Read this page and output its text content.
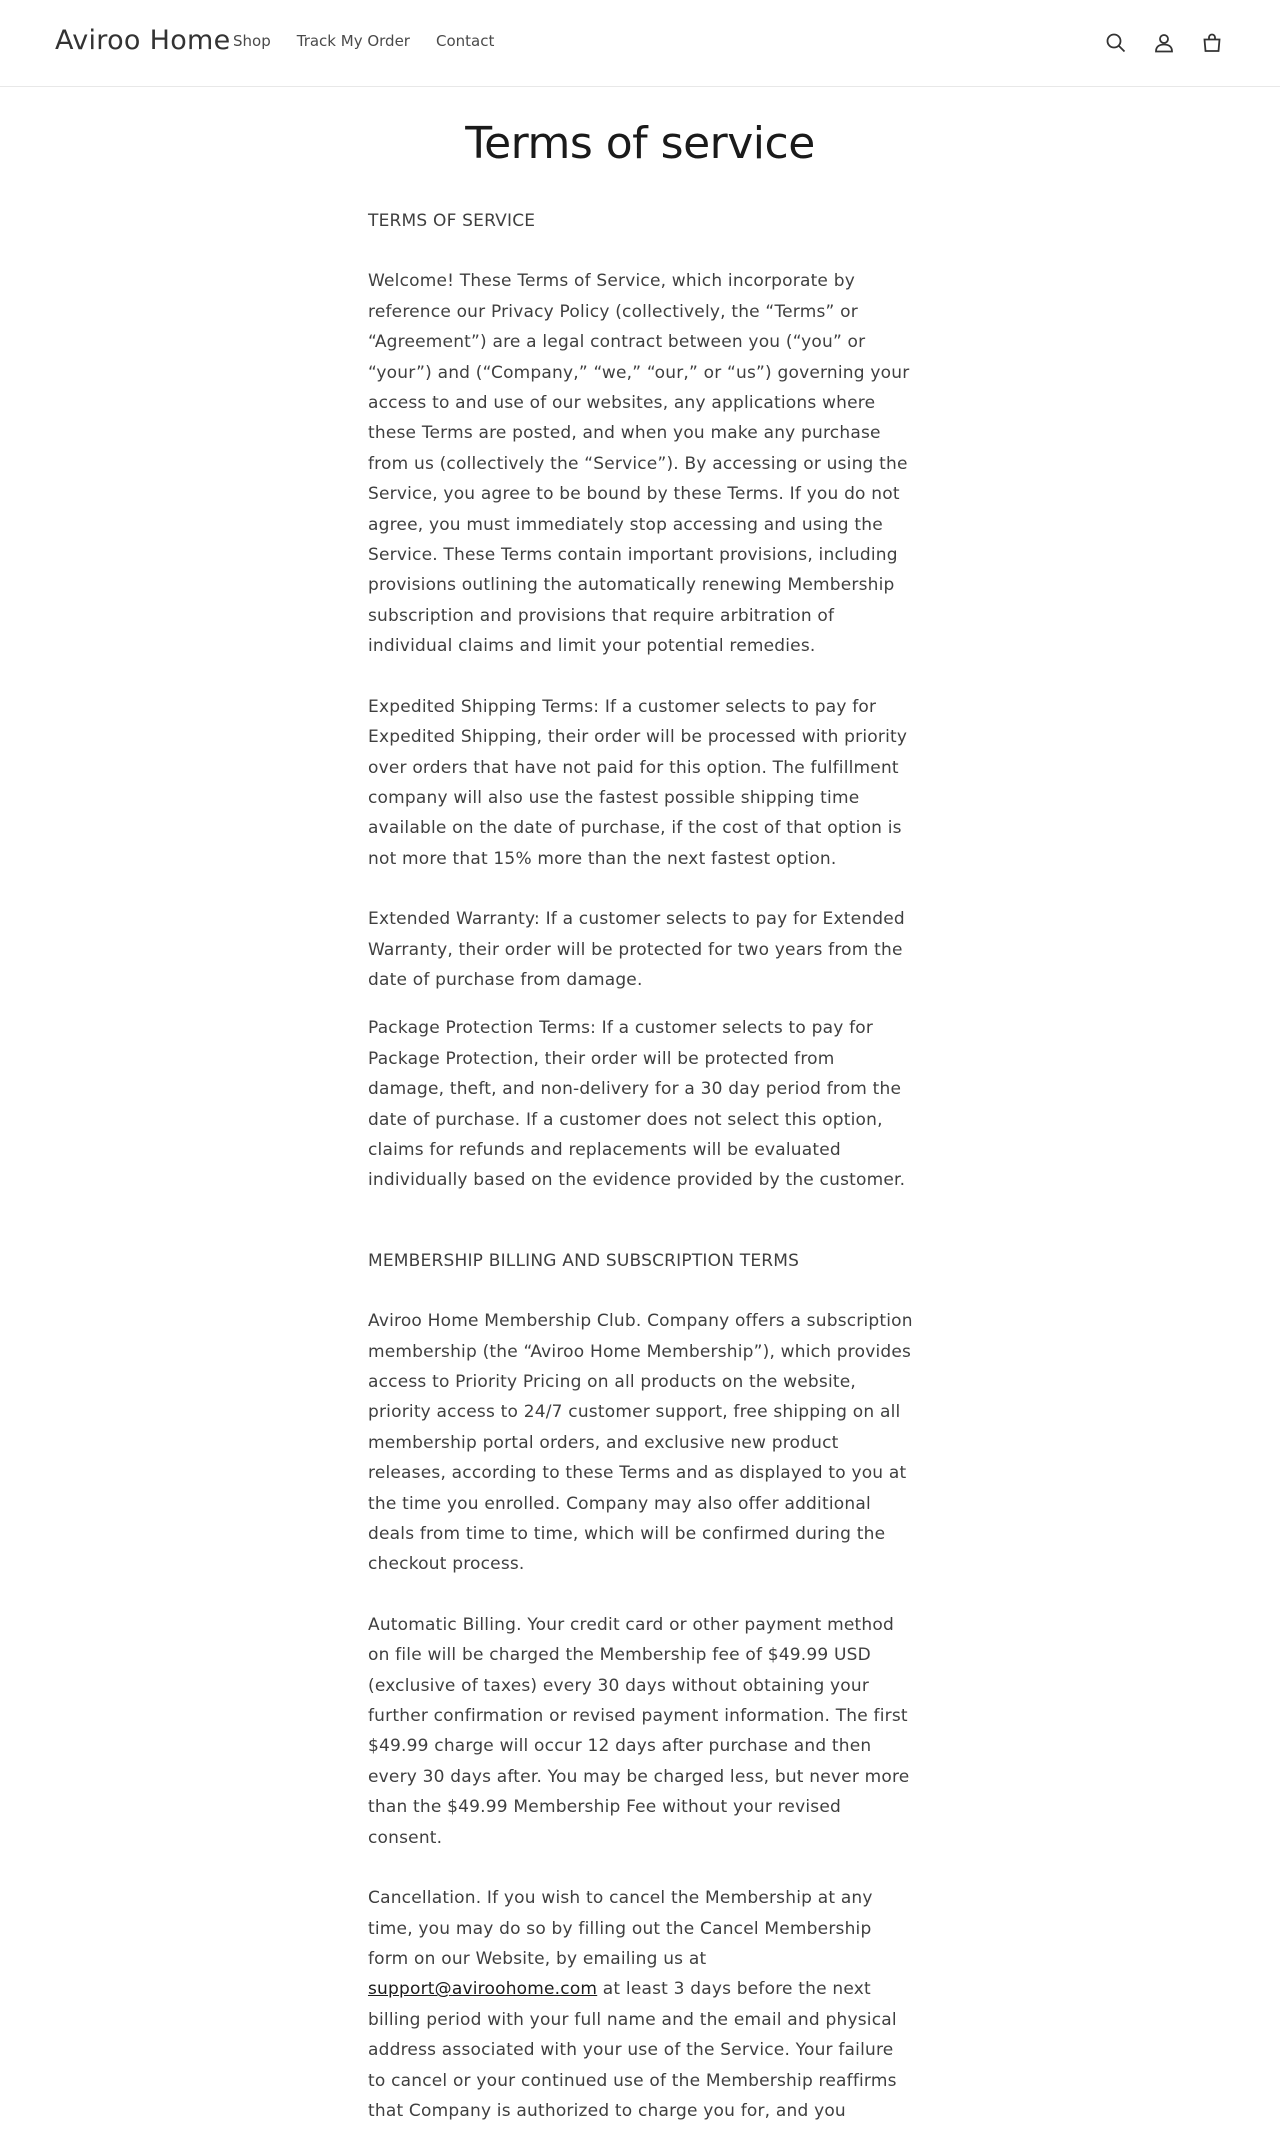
Aviroo Home Shop Track My Order Contact
Terms of service

TERMS OF SERVICE

Welcome! These Terms of Service, which incorporate by reference our Privacy Policy (collectively, the “Terms” or “Agreement”) are a legal contract between you (“you” or “your”) and (“Company,” “we,” “our,” or “us”) governing your access to and use of our websites, any applications where these Terms are posted, and when you make any purchase from us (collectively the “Service”). By accessing or using the Service, you agree to be bound by these Terms. If you do not agree, you must immediately stop accessing and using the Service. These Terms contain important provisions, including provisions outlining the automatically renewing Membership subscription and provisions that require arbitration of individual claims and limit your potential remedies.

Expedited Shipping Terms: If a customer selects to pay for Expedited Shipping, their order will be processed with priority over orders that have not paid for this option. The fulfillment company will also use the fastest possible shipping time available on the date of purchase, if the cost of that option is not more that 15% more than the next fastest option.

Extended Warranty: If a customer selects to pay for Extended Warranty, their order will be protected for two years from the date of purchase from damage.

Package Protection Terms: If a customer selects to pay for Package Protection, their order will be protected from damage, theft, and non-delivery for a 30 day period from the date of purchase. If a customer does not select this option, claims for refunds and replacements will be evaluated individually based on the evidence provided by the customer.

MEMBERSHIP BILLING AND SUBSCRIPTION TERMS

Aviroo Home Membership Club. Company offers a subscription membership (the “Aviroo Home Membership”), which provides access to Priority Pricing on all products on the website, priority access to 24/7 customer support, free shipping on all membership portal orders, and exclusive new product releases, according to these Terms and as displayed to you at the time you enrolled. Company may also offer additional deals from time to time, which will be confirmed during the checkout process.

Automatic Billing. Your credit card or other payment method on file will be charged the Membership fee of $49.99 USD (exclusive of taxes) every 30 days without obtaining your further confirmation or revised payment information. The first $49.99 charge will occur 12 days after purchase and then every 30 days after. You may be charged less, but never more than the $49.99 Membership Fee without your revised consent.

Cancellation. If you wish to cancel the Membership at any time, you may do so by filling out the Cancel Membership form on our Website, by emailing us at support@aviroohome.com at least 3 days before the next billing period with your full name and the email and physical address associated with your use of the Service. Your failure to cancel or your continued use of the Membership reaffirms that Company is authorized to charge you for, and you
